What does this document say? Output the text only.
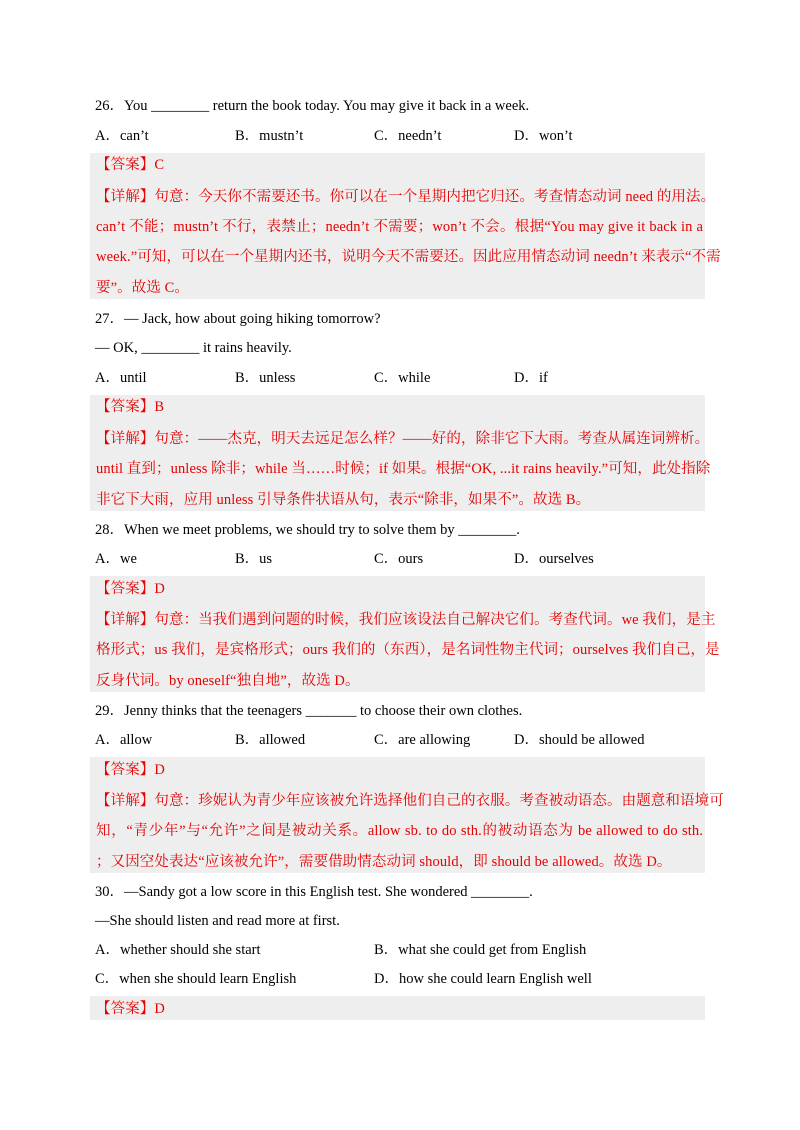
26．You ________ return the book today. You may give it back in a week.
A．can’t	B．mustn’t	C．needn’t	D．won’t
【答案】C
【详解】句意：今天你不需要还书。你可以在一个星期内把它归还。考查情态动词 need 的用法。
can’t 不能；mustn’t 不行，表禁止；needn’t 不需要；won’t 不会。根据“You may give it back in a
week.”可知，可以在一个星期内还书，说明今天不需要还。因此应用情态动词 needn’t 来表示“不需
要”。故选 C。
27．— Jack, how about going hiking tomorrow?
— OK, ________ it rains heavily.
A．until	B．unless	C．while	D．if
【答案】B
【详解】句意：——杰克，明天去远足怎么样？——好的，除非它下大雨。考查从属连词辨析。
until 直到；unless 除非；while 当……时候；if 如果。根据“OK, ...it rains heavily.”可知，此处指除
非它下大雨，应用 unless 引导条件状语从句，表示“除非，如果不”。故选 B。
28．When we meet problems, we should try to solve them by ________.
A．we	B．us	C．ours	D．ourselves
【答案】D
【详解】句意：当我们遇到问题的时候，我们应该设法自己解决它们。考查代词。we 我们，是主
格形式；us 我们，是宾格形式；ours 我们的（东西），是名词性物主代词；ourselves 我们自己，是
反身代词。by oneself“独自地”，故选 D。
29．Jenny thinks that the teenagers _______ to choose their own clothes.
A．allow	B．allowed	C．are allowing	D．should be allowed
【答案】D
【详解】句意：珍妮认为青少年应该被允许选择他们自己的衣服。考查被动语态。由题意和语境可
知，“青少年”与“允许”之间是被动关系。allow sb. to do sth.的被动语态为 be allowed to do sth.
；又因空处表达“应该被允许”，需要借助情态动词 should，即 should be allowed。故选 D。
30．—Sandy got a low score in this English test. She wondered ________.
—She should listen and read more at first.
A．whether should she start	B．what she could get from English
C．when she should learn English	D．how she could learn English well
【答案】D
